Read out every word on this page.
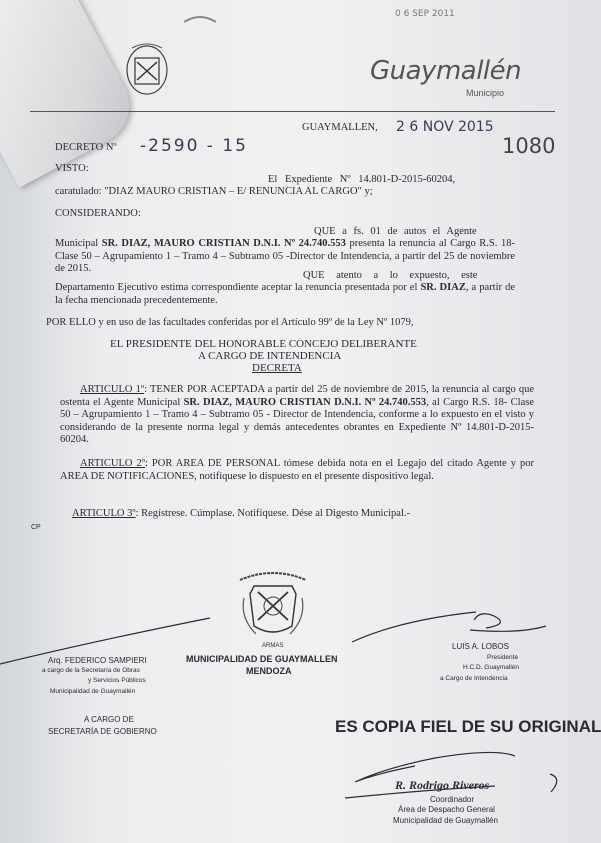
0 6 SEP 2011
Guaymallén
Municipio
GUAYMALLEN, 2 6 NOV 2015
1080
DECRETO Nº -2590 - 15
VISTO:
El Expediente Nº 14.801-D-2015-60204,
caratulado: "DIAZ MAURO CRISTIAN – E/ RENUNCIA AL CARGO" y;
CONSIDERANDO:
QUE a fs. 01 de autos el Agente
Municipal SR. DIAZ, MAURO CRISTIAN D.N.I. Nº 24.740.553 presenta la renuncia al Cargo R.S. 18- Clase 50 – Agrupamiento 1 – Tramo 4 – Subtramo 05 -Director de Intendencia, a partir del 25 de noviembre de 2015.
QUE atento a lo expuesto, este
Departamento Ejecutivo estima correspondiente aceptar la renuncia presentada por el SR. DIAZ, a partir de la fecha mencionada precedentemente.
POR ELLO y en uso de las facultades conferidas por el Artículo 99º de la Ley Nº 1079,
EL PRESIDENTE DEL HONORABLE CONCEJO DELIBERANTE
A CARGO DE INTENDENCIA
DECRETA
ARTICULO 1º: TENER POR ACEPTADA a partir del 25 de noviembre de 2015, la renuncia al cargo que ostenta el Agente Municipal SR. DIAZ, MAURO CRISTIAN D.N.I. Nº 24.740.553, al Cargo R.S. 18- Clase 50 – Agrupamiento 1 – Tramo 4 – Subtramo 05 - Director de Intendencia, conforme a lo expuesto en el visto y considerando de la presente norma legal y demás antecedentes obrantes en Expediente Nº 14.801-D-2015-60204.
ARTICULO 2º: POR AREA DE PERSONAL tómese debida nota en el Legajo del citado Agente y por AREA DE NOTIFICACIONES, notifíquese lo dispuesto en el presente dispositivo legal.
ARTICULO 3º: Regístrese. Cúmplase. Notifíquese. Dése al Digesto Municipal.-
CP
ARMAS
Arq. FEDERICO SAMPIERI
a cargo de la Secretaría de Obras
y Servicios Públicos
Municipalidad de Guaymallén
MUNICIPALIDAD DE GUAYMALLEN
MENDOZA
LUIS A. LOBOS
Presidente
H.C.D. Guaymallén
a Cargo de Intendencia
A CARGO DE
SECRETARÍA DE GOBIERNO	ES COPIA FIEL DE SU ORIGINAL
R. Rodrigo Riveros
Coordinador
Área de Despacho General
Municipalidad de Guaymallén
